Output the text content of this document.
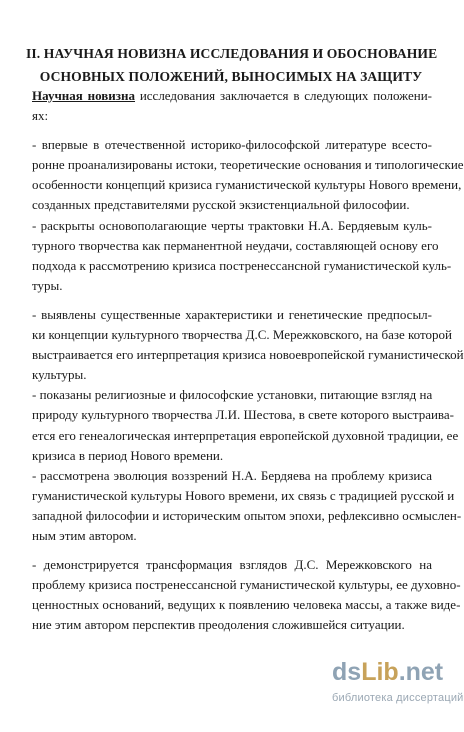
II. НАУЧНАЯ НОВИЗНА ИССЛЕДОВАНИЯ И ОБОСНОВАНИЕ
ОСНОВНЫХ ПОЛОЖЕНИЙ, ВЫНОСИМЫХ НА ЗАЩИТУ
Научная новизна исследования заключается в следующих положени-
ях:
- впервые в отечественной историко-философской литературе всесто-
ронне проанализированы истоки, теоретические основания и типологические
особенности концепций кризиса гуманистической культуры Нового времени,
созданных представителями русской экзистенциальной философии.
- раскрыты основополагающие черты трактовки Н.А. Бердяевым куль-
турного творчества как перманентной неудачи, составляющей основу его
подхода к рассмотрению кризиса постренессансной гуманистической куль-
туры.
- выявлены существенные характеристики и генетические предпосыл-
ки концепции культурного творчества Д.С. Мережковского, на базе которой
выстраивается его интерпретация кризиса новоевропейской гуманистической
культуры.
- показаны религиозные и философские установки, питающие взгляд на
природу культурного творчества Л.И. Шестова, в свете которого выстраива-
ется его генеалогическая интерпретация европейской духовной традиции, ее
кризиса в период Нового времени.
- рассмотрена эволюция воззрений Н.А. Бердяева на проблему кризиса
гуманистической культуры Нового времени, их связь с традицией русской и
западной философии и историческим опытом эпохи, рефлексивно осмыслен-
ным этим автором.
- демонстрируется трансформация взглядов Д.С. Мережковского на
проблему кризиса постренессансной гуманистической культуры, ее духовно-
ценностных оснований, ведущих к появлению человека массы, а также виде-
ние этим автором перспектив преодоления сложившейся ситуации.
dsLib.net
библиотека диссертаций
